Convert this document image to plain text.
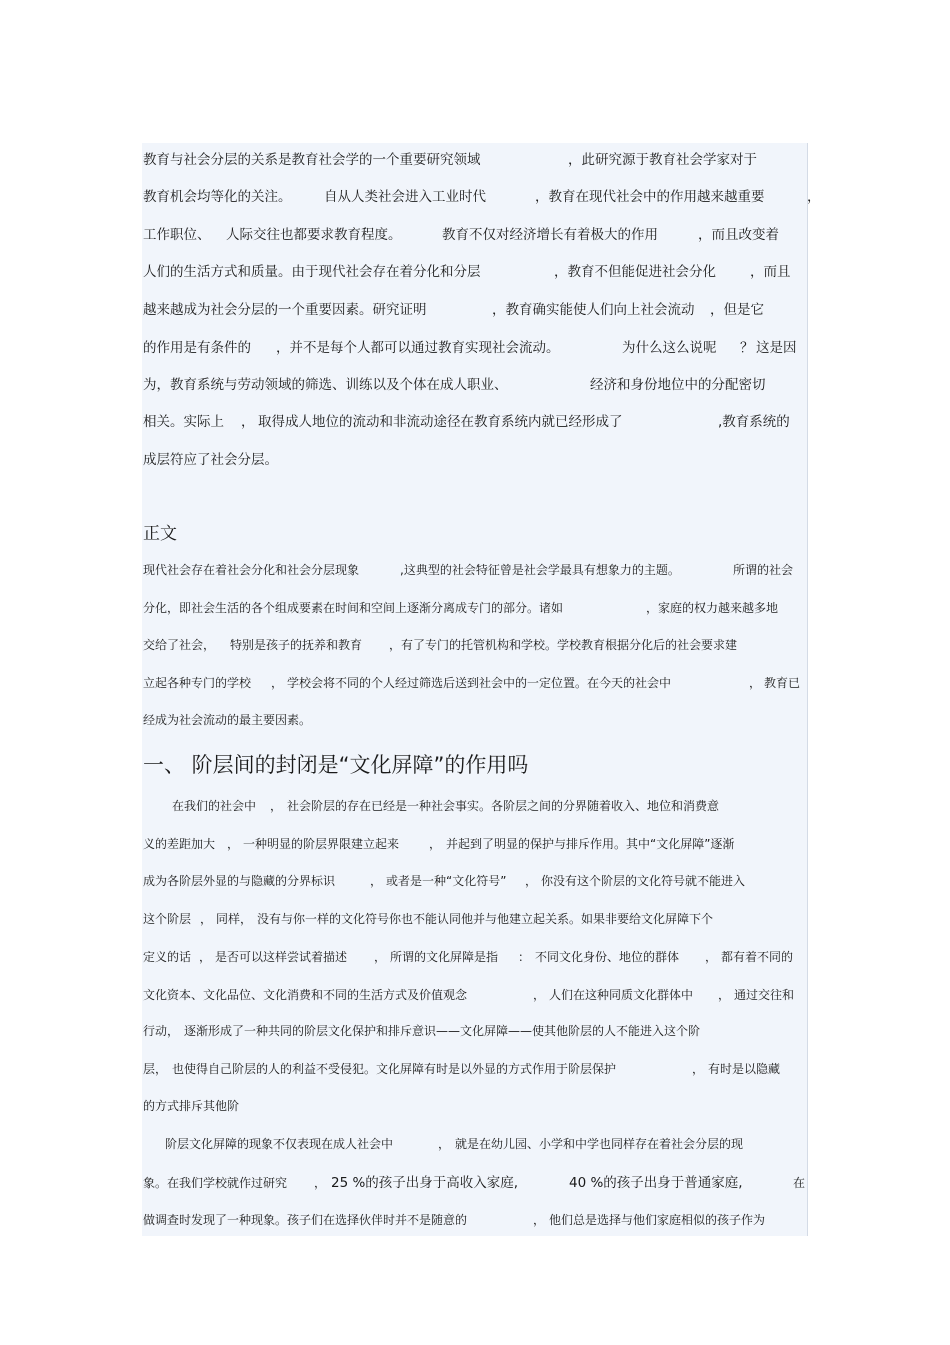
教育与社会分层的关系是教育社会学的一个重要研究领域	，此研究源于教育社会学家对于
教育机会均等化的关注。 自从人类社会进入工业时代	，教育在现代社会中的作用越来越重要	，
工作职位、 人际交往也都要求教育程度。	教育不仅对经济增长有着极大的作用	，而且改变着
人们的生活方式和质量。由于现代社会存在着分化和分层	，教育不但能促进社会分化	，而且
越来越成为社会分层的一个重要因素。研究证明	，教育确实能使人们向上社会流动 ，但是它
的作用是有条件的 ，并不是每个人都可以通过教育实现社会流动。	为什么这么说呢 ？ 这是因
为，教育系统与劳动领域的筛选、训练以及个体在成人职业、	经济和身份地位中的分配密切
相关。实际上 ， 取得成人地位的流动和非流动途径在教育系统内就已经形成了	,教育系统的
成层符应了社会分层。
正文
现代社会存在着社会分化和社会分层现象	,这典型的社会特征曾是社会学最具有想象力的主题。	所谓的社会
分化，即社会生活的各个组成要素在时间和空间上逐渐分离成专门的部分。诸如	，家庭的权力越来越多地
交给了社会， 特别是孩子的抚养和教育 ，有了专门的托管机构和学校。学校教育根据分化后的社会要求建
立起各种专门的学校 ， 学校会将不同的个人经过筛选后送到社会中的一定位置。在今天的社会中	， 教育已
经成为社会流动的最主要因素。
一、 阶层间的封闭是“文化屏障”的作用吗
在我们的社会中 ， 社会阶层的存在已经是一种社会事实。各阶层之间的分界随着收入、地位和消费意
义的差距加大 ， 一种明显的阶层界限建立起来 ， 并起到了明显的保护与排斥作用。其中“文化屏障”逐渐
成为各阶层外显的与隐藏的分界标识	， 或者是一种“文化符号” ， 你没有这个阶层的文化符号就不能进入
这个阶层 ， 同样， 没有与你一样的文化符号你也不能认同他并与他建立起关系。如果非要给文化屏障下个
定义的话 ， 是否可以这样尝试着描述 ， 所谓的文化屏障是指 ： 不同文化身份、地位的群体 ， 都有着不同的
文化资本、文化品位、文化消费和不同的生活方式及价值观念	， 人们在这种同质文化群体中 ， 通过交往和
行动， 逐渐形成了一种共同的阶层文化保护和排斥意识——文化屏障——使其他阶层的人不能进入这个阶
层， 也使得自己阶层的人的利益不受侵犯。文化屏障有时是以外显的方式作用于阶层保护	， 有时是以隐藏
的方式排斥其他阶
阶层文化屏障的现象不仅表现在成人社会中	， 就是在幼儿园、小学和中学也同样存在着社会分层的现
象。在我们学校就作过研究 ， 25 %的孩子出身于高收入家庭,	40 %的孩子出身于普通家庭,	在
做调查时发现了一种现象。孩子们在选择伙伴时并不是随意的	， 他们总是选择与他们家庭相似的孩子作为
